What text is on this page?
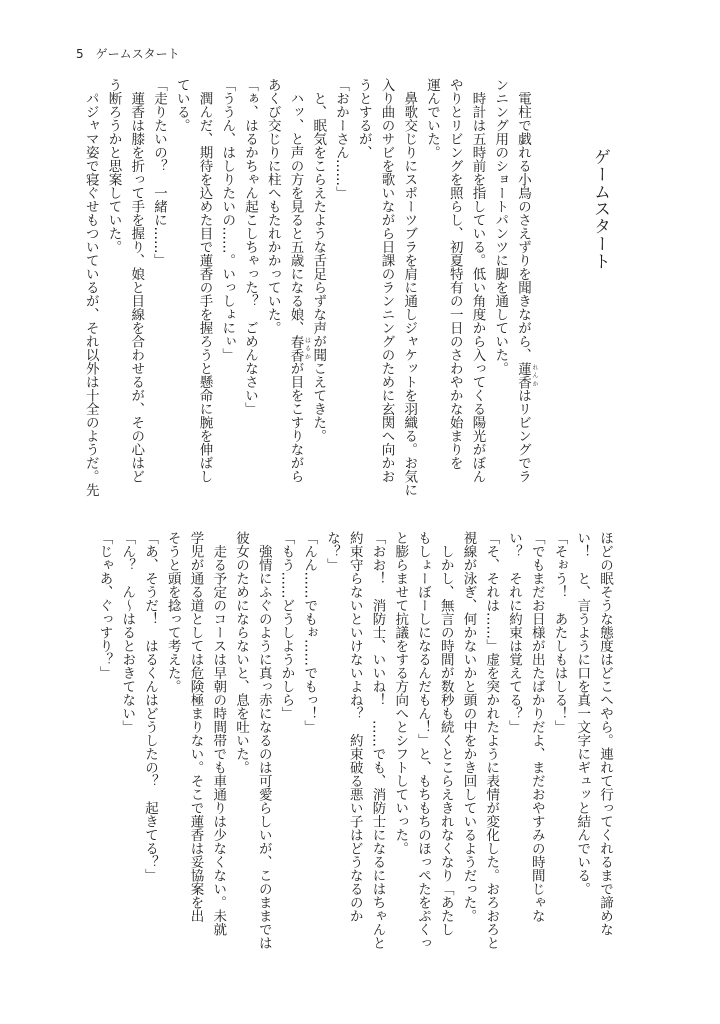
5 ゲームスタート
ゲームスタート
　電柱で戯れる小鳥のさえずりを聞きながら、蓮香 れんか
はリビングでラ
ンニング用のショートパンツに脚を通していた。
　時計は五時前を指している。低い角度から入ってくる陽光がぼん
やりとリビングを照らし、初夏特有の一日のさわやかな始まりを
運んでいた。
　鼻歌交じりにスポーツブラを肩に通しジャケットを羽織る。お気に
入り曲のサビを歌いながら日課のランニングのために玄関へ向かお
うとするが、
「おかーさん……」
　と、眠気をこらえたような舌足らずな声が聞こえてきた。
　ハッ、と声の方を見ると五歳になる娘、春香 はるか
が目をこすりながら
あくび交じりに柱へもたれかかっていた。
「ぁ、はるかちゃん起こしちゃった？　ごめんなさい」
「ううん、はしりたいの……。いっしょにぃ」
　潤んだ、期待を込めた目で蓮香の手を握ろうと懸命に腕を伸ばし
ている。
「走りたいの？　一緒に……」
　蓮香は膝を折って手を握り、娘と目線を合わせるが、その心はど
う断ろうかと思案していた。
　パジャマ姿で寝ぐせもついているが、それ以外は十全のようだ。先
ほどの眠そうな態度はどこへやら。連れて行ってくれるまで諦めな
い！　と、言うように口を真一文字にギュッと結んでいる。
「そぉう！　あたしもはしる！」
「でもまだお日様が出たばかりだよ、まだおやすみの時間じゃな
い？　それに約束は覚えてる？」
「そ、それは……」虚を突かれたように表情が変化した。おろおろと
視線が泳ぎ、何かないかと頭の中をかき回しているようだった。
　しかし、無言の時間が数秒も続くとこらえきれなくなり「あたし
もしょーぼーしになるんだもん！」と、もちもちのほっぺたをぷくっ
と膨らませて抗議をする方向へとシフトしていった。
「おお！　消防士、いいね！　……でも、消防士になるにはちゃんと
約束守らないといけないよね？　約束破る悪い子はどうなるのか
な？」
「んん……でもぉ……でもっ！」
「もう……どうしようかしら」
　強情にふぐのように真っ赤になるのは可愛らしいが、このままでは
彼女のためにならないと、息を吐いた。
　走る予定のコースは早朝の時間帯でも車通りは少なくない。未就
学児が通る道としては危険極まりない。そこで蓮香は妥協案を出
そうと頭を捻って考えた。
「あ、そうだ！　はるくんはどうしたの？　起きてる？」
「ん？　ん〜はるとおきてない」
「じゃあ、ぐっすり？」
